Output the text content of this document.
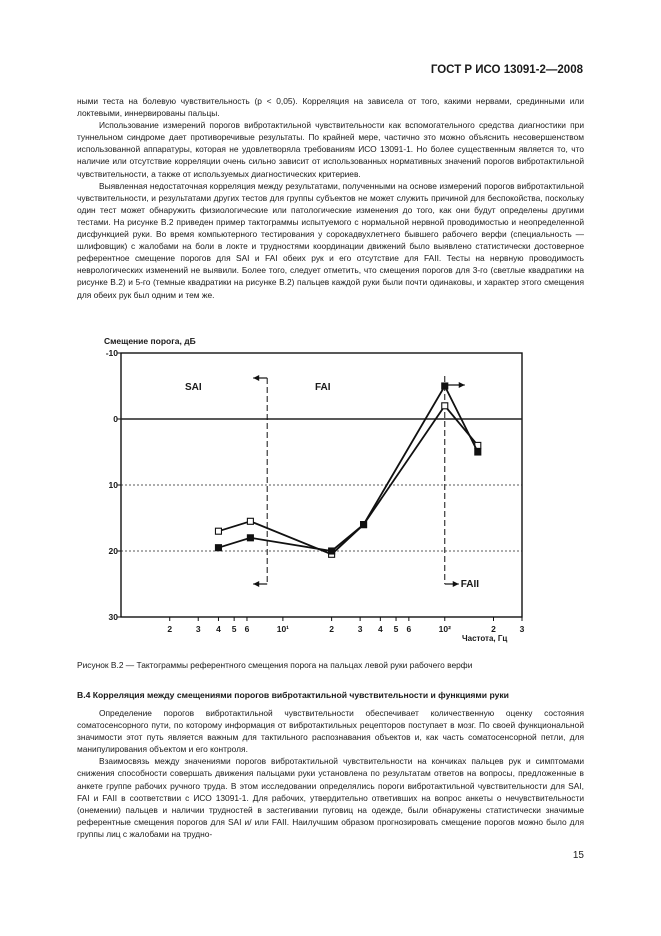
ГОСТ Р ИСО 13091-2—2008

ными теста на болевую чувствительность (p < 0,05). Корреляция на зависела от того, какими нервами, срединными или локтевыми, иннервированы пальцы.

Использование измерений порогов вибротактильной чувствительности как вспомогательного средства диагностики при туннельном синдроме дает противоречивые результаты. По крайней мере, частично это можно объяснить несовершенством использованной аппаратуры, которая не удовлетворяла требованиям ИСО 13091-1. Но более существенным является то, что наличие или отсутствие корреляции очень сильно зависит от использованных нормативных значений порогов вибротактильной чувствительности, а также от используемых диагностических критериев.

Выявленная недостаточная корреляция между результатами, полученными на основе измерений порогов вибротактильной чувствительности, и результатами других тестов для группы субъектов не может служить причиной для беспокойства, поскольку один тест может обнаружить физиологические или патологические изменения до того, как они будут определены другими тестами. На рисунке B.2 приведен пример тактограммы испытуемого с нормальной нервной проводимостью и неопределенной дисфункцией руки. Во время компьютерного тестирования у сорокадвухлетнего бывшего рабочего верфи (специальность — шлифовщик) с жалобами на боли в локте и трудностями координации движений было выявлено статистически достоверное референтное смещение порогов для SAI и FAI обеих рук и его отсутствие для FAII. Тесты на нервную проводимость неврологических изменений не выявили. Более того, следует отметить, что смещения порогов для 3-го (светлые квадратики на рисунке B.2) и 5-го (темные квадратики на рисунке B.2) пальцев каждой руки были почти одинаковы, и характер этого смещения для обеих рук был одним и тем же.

Смещение порога, дБ
Частота, Гц
-10
0
10
20
30
2	3 4 5 6	10¹	2	3 4 5 6	10²	2	3
SAI	FAI
FAII
Рисунок B.2 — Тактограммы референтного смещения порога на пальцах левой руки рабочего верфи
B.4 Корреляция между смещениями порогов вибротактильной чувствительности и функциями руки

Определение порогов вибротактильной чувствительности обеспечивает количественную оценку состояния соматосенсорного пути, по которому информация от вибротактильных рецепторов поступает в мозг. По своей функциональной значимости этот путь является важным для тактильного распознавания объектов и, как часть соматосенсорной петли, для манипулирования объектом и его контроля.

Взаимосвязь между значениями порогов вибротактильной чувствительности на кончиках пальцев рук и симптомами снижения способности совершать движения пальцами руки установлена по результатам ответов на вопросы, предложенные в анкете группе рабочих ручного труда. В этом исследовании определялись пороги вибротактильной чувствительности для SAI, FAI и FAII в соответствии с ИСО 13091-1. Для рабочих, утвердительно ответивших на вопрос анкеты о нечувствительности (онемении) пальцев и наличии трудностей в застегивании пуговиц на одежде, были обнаружены статистически значимые референтные смещения порогов для SAI и/ или FAII. Наилучшим образом прогнозировать смещение порогов можно было для группы лиц с жалобами на трудно-

15
